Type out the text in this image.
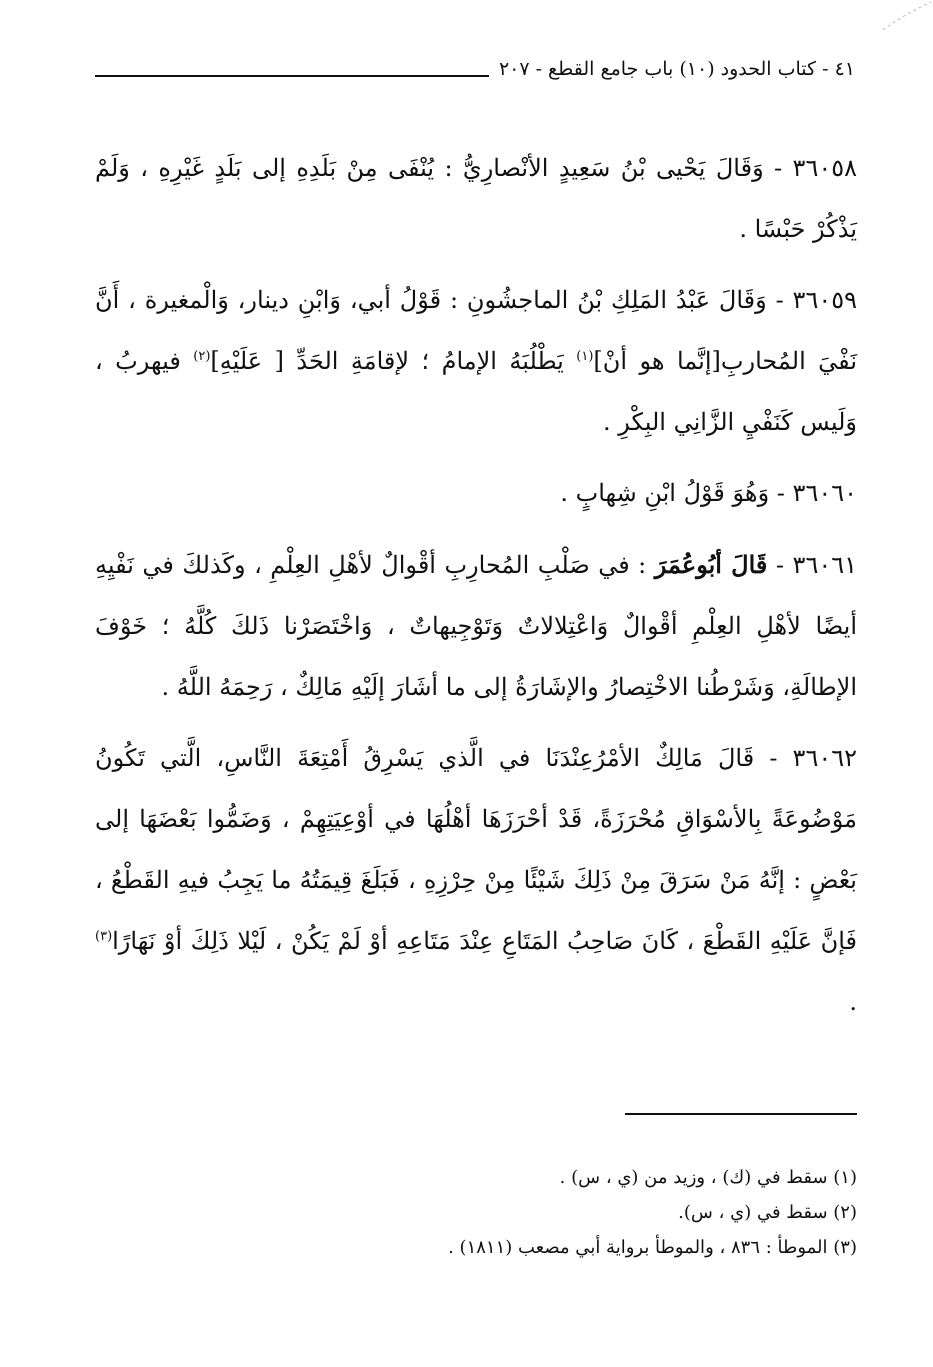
٤١ - كتاب الحدود (١٠) باب جامع القطع - ٢٠٧

٣٦٠٥٨ - وَقَالَ يَحْيى بْنُ سَعِيدٍ الأنْصارِيُّ : يُنْفَى مِنْ بَلَدِهِ إلى بَلَدٍ غَيْرِهِ ، وَلَمْ يَذْكُرْ حَبْسًا .

٣٦٠٥٩ - وَقَالَ عَبْدُ المَلِكِ بْنُ الماجشُونِ : قَوْلُ أبي، وَابْنِ دينار، وَالْمغيرة ، أَنَّ نَفْيَ المُحاربِ[إنَّما هو أنْ]$^{(١)}$ يَطْلُبَهُ الإمامُ ؛ لإقامَةِ الحَدِّ [ عَلَيْهِ]$^{(٢)}$ فيهربُ ، وَلَيس كَنَفْيِ الزَّانِي البِكْرِ .

٣٦٠٦٠ - وَهُوَ قَوْلُ ابْنِ شِهابٍ .

٣٦٠٦١ - قَالَ أبُوعُمَرَ : في صَلْبِ المُحارِبِ أقْوالٌ لأهْلِ العِلْمِ ، وكَذلكَ في نَفْيِهِ أيضًا لأهْلِ العِلْمِ أقْوالٌ وَاعْتِلالاتٌ وَتَوْجِيهاتٌ ، وَاخْتَصَرْنا ذَلكَ كُلَّهُ ؛ خَوْفَ الإطالَةِ، وَشَرْطُنا الاخْتِصارُ والإشَارَةُ إلى ما أشَارَ إلَيْهِ مَالِكٌ ، رَحِمَهُ اللَّهُ .

٣٦٠٦٢ - قَالَ مَالِكٌ الأمْرُعِنْدَنَا في الَّذي يَسْرِقُ أَمْتِعَةَ النَّاسِ، الَّتي تَكُونُ مَوْضُوعَةً بِالأسْوَاقِ مُحْرَزَةً، قَدْ أحْرَزَهَا أهْلُهَا في أوْعِيَتِهِمْ ، وَضَمُّوا بَعْضَهَا إلى بَعْضٍ : إنَّهُ مَنْ سَرَقَ مِنْ ذَلِكَ شَيْئًا مِنْ حِرْزِهِ ، فَبَلَغَ قِيمَتُهُ ما يَجِبُ فيهِ القَطْعُ ، فَإنَّ عَلَيْهِ القَطْعَ ، كَانَ صَاحِبُ المَتَاعِ عِنْدَ مَتَاعِهِ أوْ لَمْ يَكُنْ ، لَيْلا ذَلِكَ أوْ نَهَارًا$^{(٣)}$ .

(١) سقط في (ك) ، وزيد من (ي ، س) .

(٢) سقط في (ي ، س).

(٣) الموطأ : ٨٣٦ ، والموطأ برواية أبي مصعب (١٨١١) .
